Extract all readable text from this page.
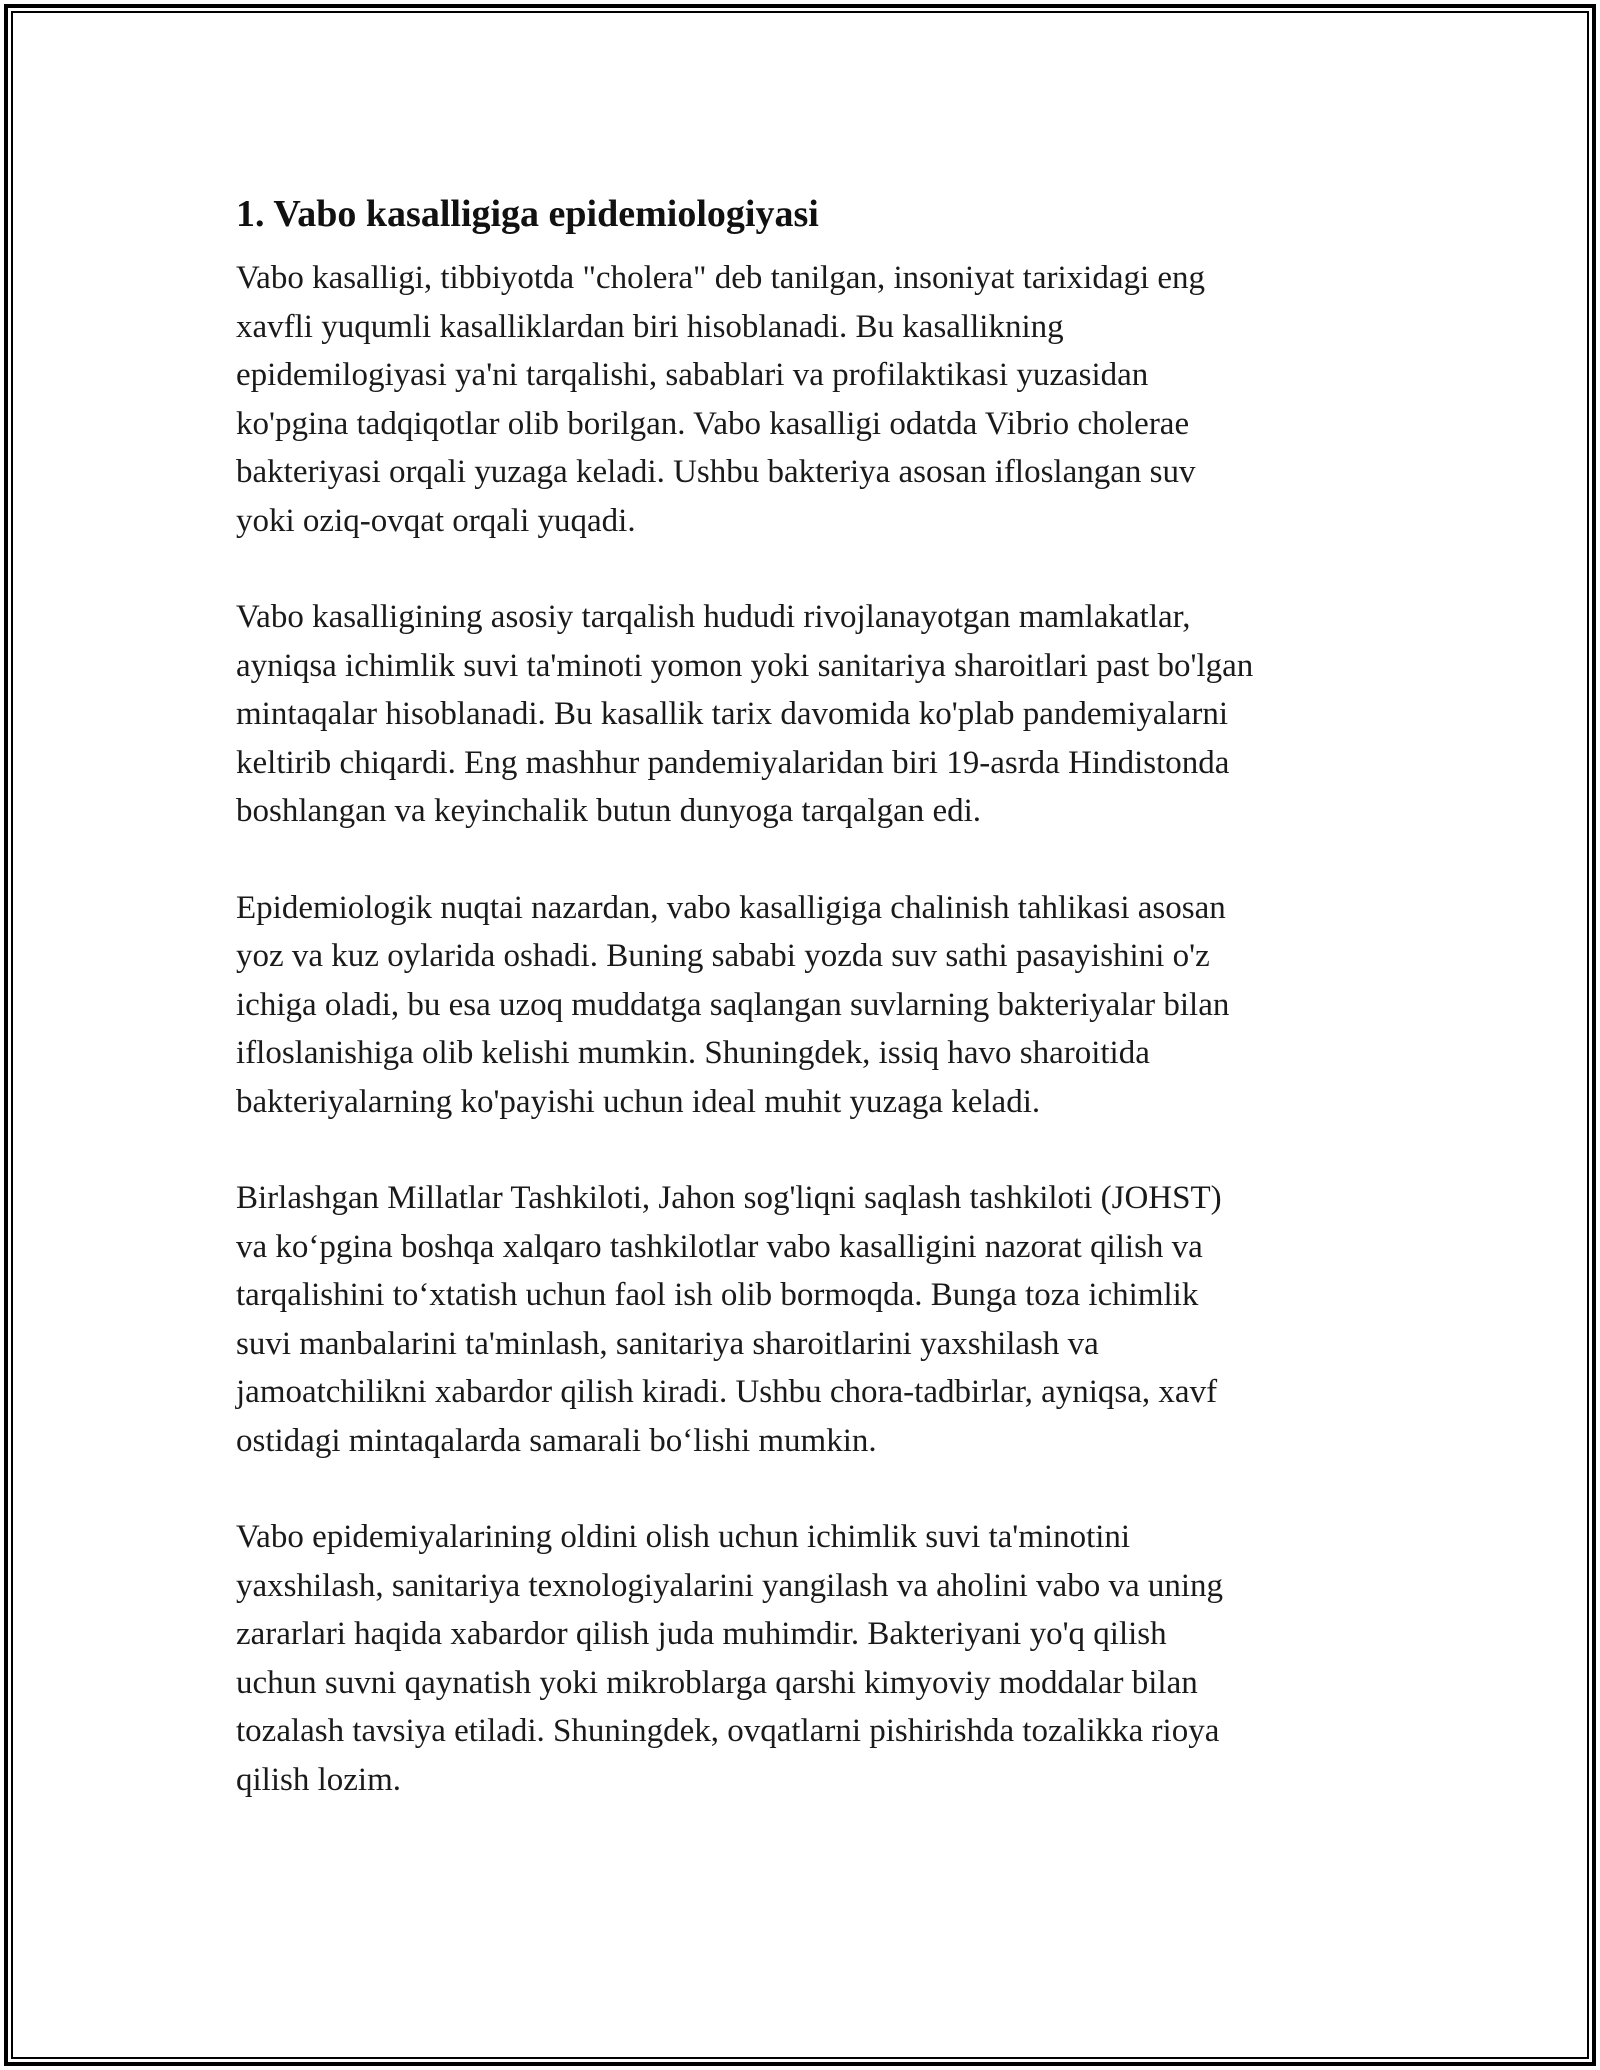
1. Vabo kasalligiga epidemiologiyasi
Vabo kasalligi, tibbiyotda "cholera" deb tanilgan, insoniyat tarixidagi eng
xavfli yuqumli kasalliklardan biri hisoblanadi. Bu kasallikning
epidemilogiyasi ya'ni tarqalishi, sabablari va profilaktikasi yuzasidan
ko'pgina tadqiqotlar olib borilgan. Vabo kasalligi odatda Vibrio cholerae
bakteriyasi orqali yuzaga keladi. Ushbu bakteriya asosan ifloslangan suv
yoki oziq-ovqat orqali yuqadi.
Vabo kasalligining asosiy tarqalish hududi rivojlanayotgan mamlakatlar,
ayniqsa ichimlik suvi ta'minoti yomon yoki sanitariya sharoitlari past bo'lgan
mintaqalar hisoblanadi. Bu kasallik tarix davomida ko'plab pandemiyalarni
keltirib chiqardi. Eng mashhur pandemiyalaridan biri 19-asrda Hindistonda
boshlangan va keyinchalik butun dunyoga tarqalgan edi.
Epidemiologik nuqtai nazardan, vabo kasalligiga chalinish tahlikasi asosan
yoz va kuz oylarida oshadi. Buning sababi yozda suv sathi pasayishini o'z
ichiga oladi, bu esa uzoq muddatga saqlangan suvlarning bakteriyalar bilan
ifloslanishiga olib kelishi mumkin. Shuningdek, issiq havo sharoitida
bakteriyalarning ko'payishi uchun ideal muhit yuzaga keladi.
Birlashgan Millatlar Tashkiloti, Jahon sog'liqni saqlash tashkiloti (JOHST)
va ko‘pgina boshqa xalqaro tashkilotlar vabo kasalligini nazorat qilish va
tarqalishini to‘xtatish uchun faol ish olib bormoqda. Bunga toza ichimlik
suvi manbalarini ta'minlash, sanitariya sharoitlarini yaxshilash va
jamoatchilikni xabardor qilish kiradi. Ushbu chora-tadbirlar, ayniqsa, xavf
ostidagi mintaqalarda samarali bo‘lishi mumkin.
Vabo epidemiyalarining oldini olish uchun ichimlik suvi ta'minotini
yaxshilash, sanitariya texnologiyalarini yangilash va aholini vabo va uning
zararlari haqida xabardor qilish juda muhimdir. Bakteriyani yo'q qilish
uchun suvni qaynatish yoki mikroblarga qarshi kimyoviy moddalar bilan
tozalash tavsiya etiladi. Shuningdek, ovqatlarni pishirishda tozalikka rioya
qilish lozim.
